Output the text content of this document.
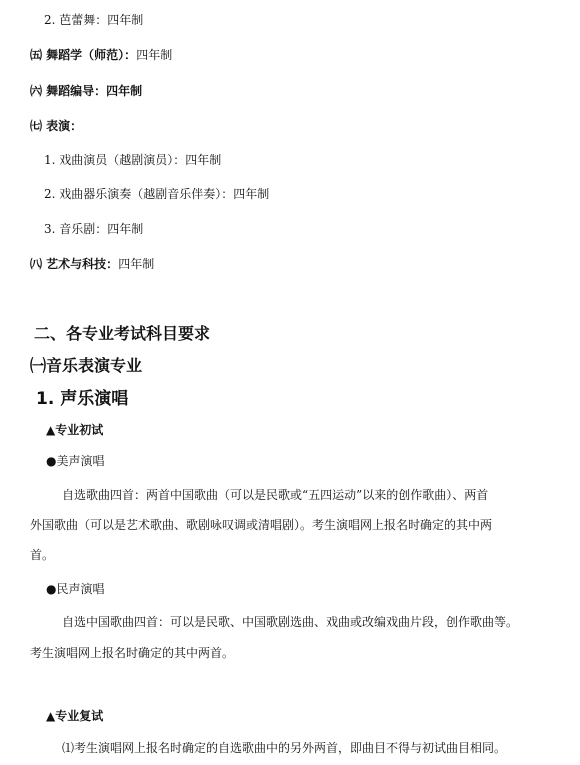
2. 芭蕾舞：四年制
㈤ 舞蹈学（师范）：四年制
㈥ 舞蹈编导：四年制
㈦ 表演：
1. 戏曲演员（越剧演员）：四年制
2. 戏曲器乐演奏（越剧音乐伴奏）：四年制
3. 音乐剧：四年制
㈧ 艺术与科技：四年制
二、各专业考试科目要求
㈠音乐表演专业
1. 声乐演唱
▲专业初试
●美声演唱
自选歌曲四首：两首中国歌曲（可以是民歌或“五四运动”以来的创作歌曲）、两首
外国歌曲（可以是艺术歌曲、歌剧咏叹调或清唱剧）。考生演唱网上报名时确定的其中两
首。
●民声演唱
自选中国歌曲四首：可以是民歌、中国歌剧选曲、戏曲或改编戏曲片段，创作歌曲等。
考生演唱网上报名时确定的其中两首。
▲专业复试
⑴考生演唱网上报名时确定的自选歌曲中的另外两首，即曲目不得与初试曲目相同。
